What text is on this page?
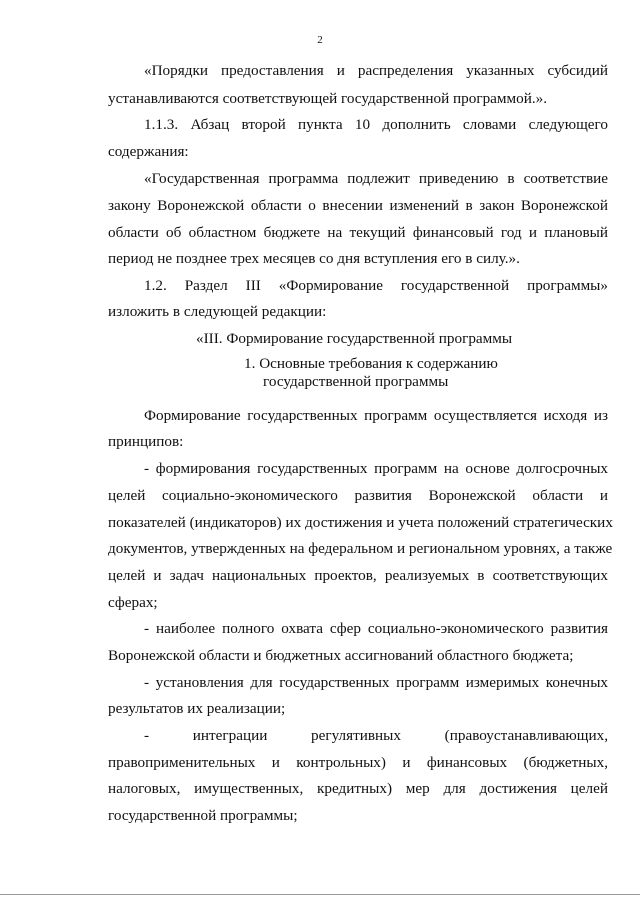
2
«Порядки предоставления и распределения указанных субсидий
устанавливаются соответствующей государственной программой.».
1.1.3. Абзац второй пункта 10 дополнить словами следующего
содержания:
«Государственная программа подлежит приведению в соответствие
закону Воронежской области о внесении изменений в закон Воронежской
области об областном бюджете на текущий финансовый год и плановый
период не позднее трех месяцев со дня вступления его в силу.».
1.2. Раздел III «Формирование государственной программы»
изложить в следующей редакции:
«III. Формирование государственной программы
1. Основные требования к содержанию
государственной программы
Формирование государственных программ осуществляется исходя из
принципов:
- формирования государственных программ на основе долгосрочных
целей социально-экономического развития Воронежской области и
показателей (индикаторов) их достижения и учета положений стратегических
документов, утвержденных на федеральном и региональном уровнях, а также
целей и задач национальных проектов, реализуемых в соответствующих
сферах;
- наиболее полного охвата сфер социально-экономического развития
Воронежской области и бюджетных ассигнований областного бюджета;
- установления для государственных программ измеримых конечных
результатов их реализации;
- интеграции регулятивных (правоустанавливающих,
правоприменительных и контрольных) и финансовых (бюджетных,
налоговых, имущественных, кредитных) мер для достижения целей
государственной программы;
